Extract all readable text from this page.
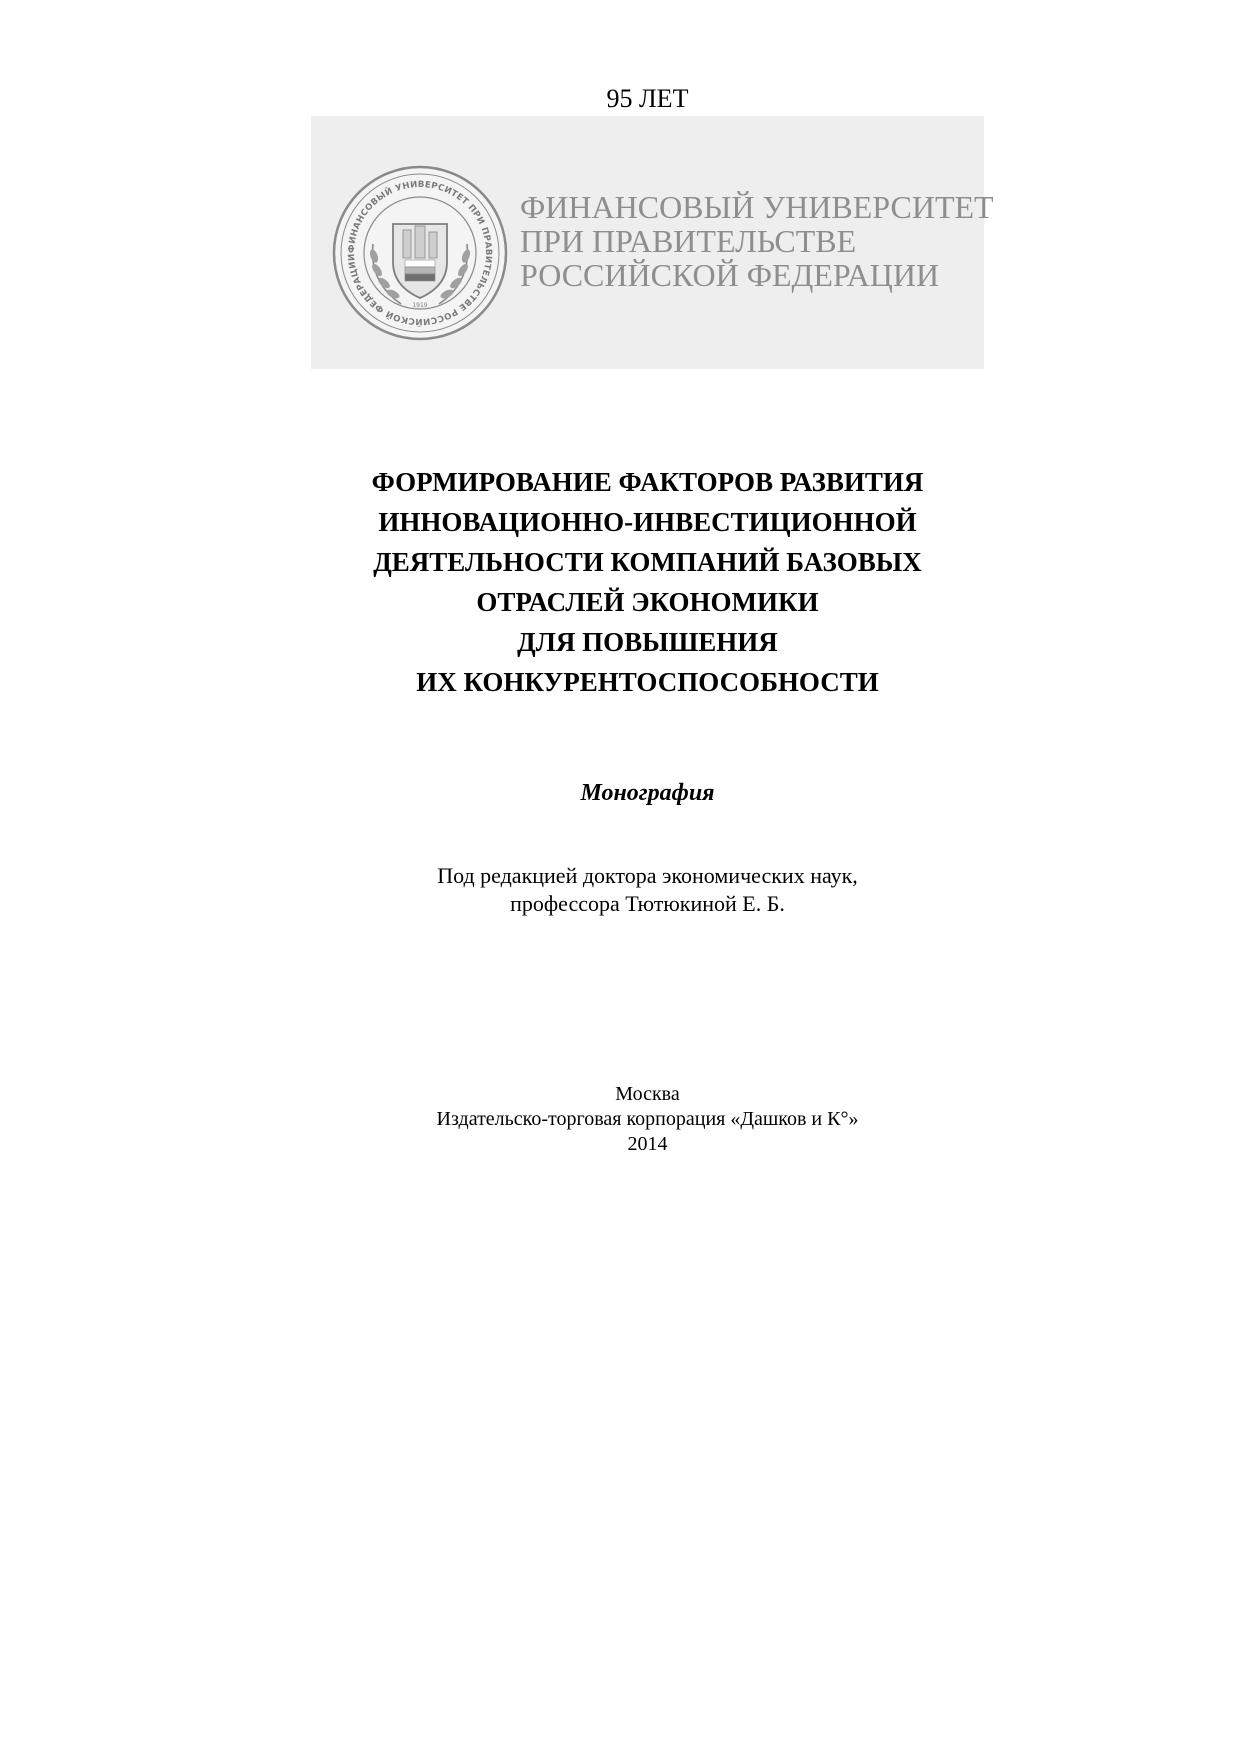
95 ЛЕТ
ФИНАНСОВЫЙ УНИВЕРСИТЕТ ПРИ ПРАВИТЕЛЬСТВЕ РОССИЙСКОЙ ФЕДЕРАЦИИ
1919
ФИНАНСОВЫЙ УНИВЕРСИТЕТ
ПРИ ПРАВИТЕЛЬСТВЕ
РОССИЙСКОЙ ФЕДЕРАЦИИ
ФОРМИРОВАНИЕ ФАКТОРОВ РАЗВИТИЯ
ИННОВАЦИОННО-ИНВЕСТИЦИОННОЙ
ДЕЯТЕЛЬНОСТИ КОМПАНИЙ БАЗОВЫХ
ОТРАСЛЕЙ ЭКОНОМИКИ
ДЛЯ ПОВЫШЕНИЯ
ИХ КОНКУРЕНТОСПОСОБНОСТИ
Монография
Под редакцией доктора экономических наук,
профессора Тютюкиной Е. Б.
Москва
Издательско-торговая корпорация «Дашков и К°»
2014
